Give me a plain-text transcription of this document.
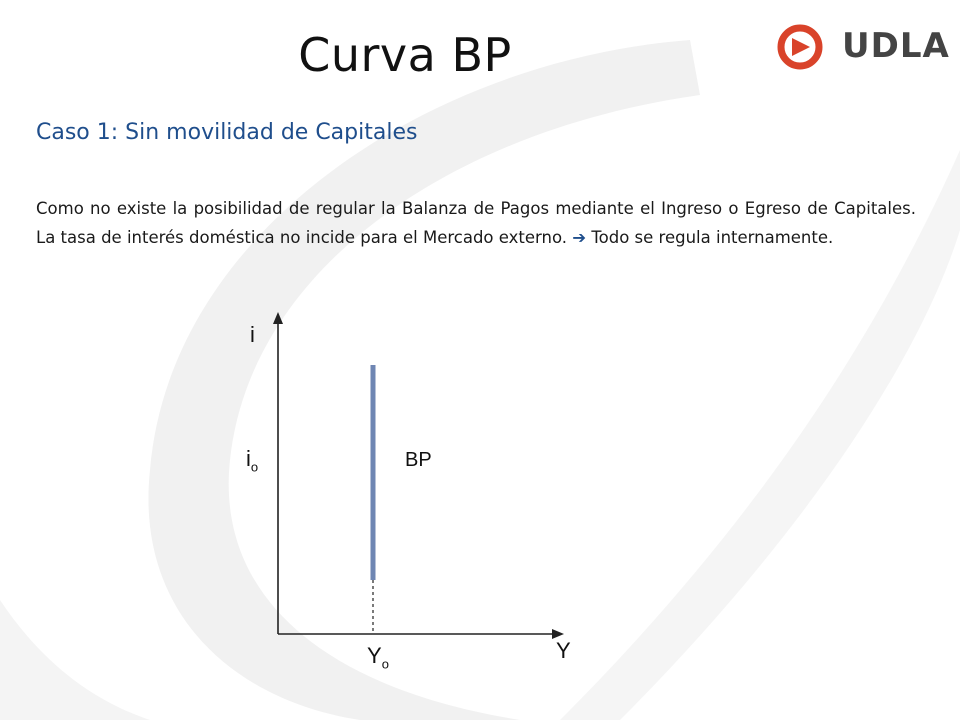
Curva BP	UDLA
Caso 1: Sin movilidad de Capitales
Como no existe la posibilidad de regular la Balanza de Pagos mediante el Ingreso o Egreso de Capitales. La tasa de interés doméstica no incide para el Mercado externo. ➔ Todo se regula internamente.
i
$i_o$	BP
Y
$Y_o$
